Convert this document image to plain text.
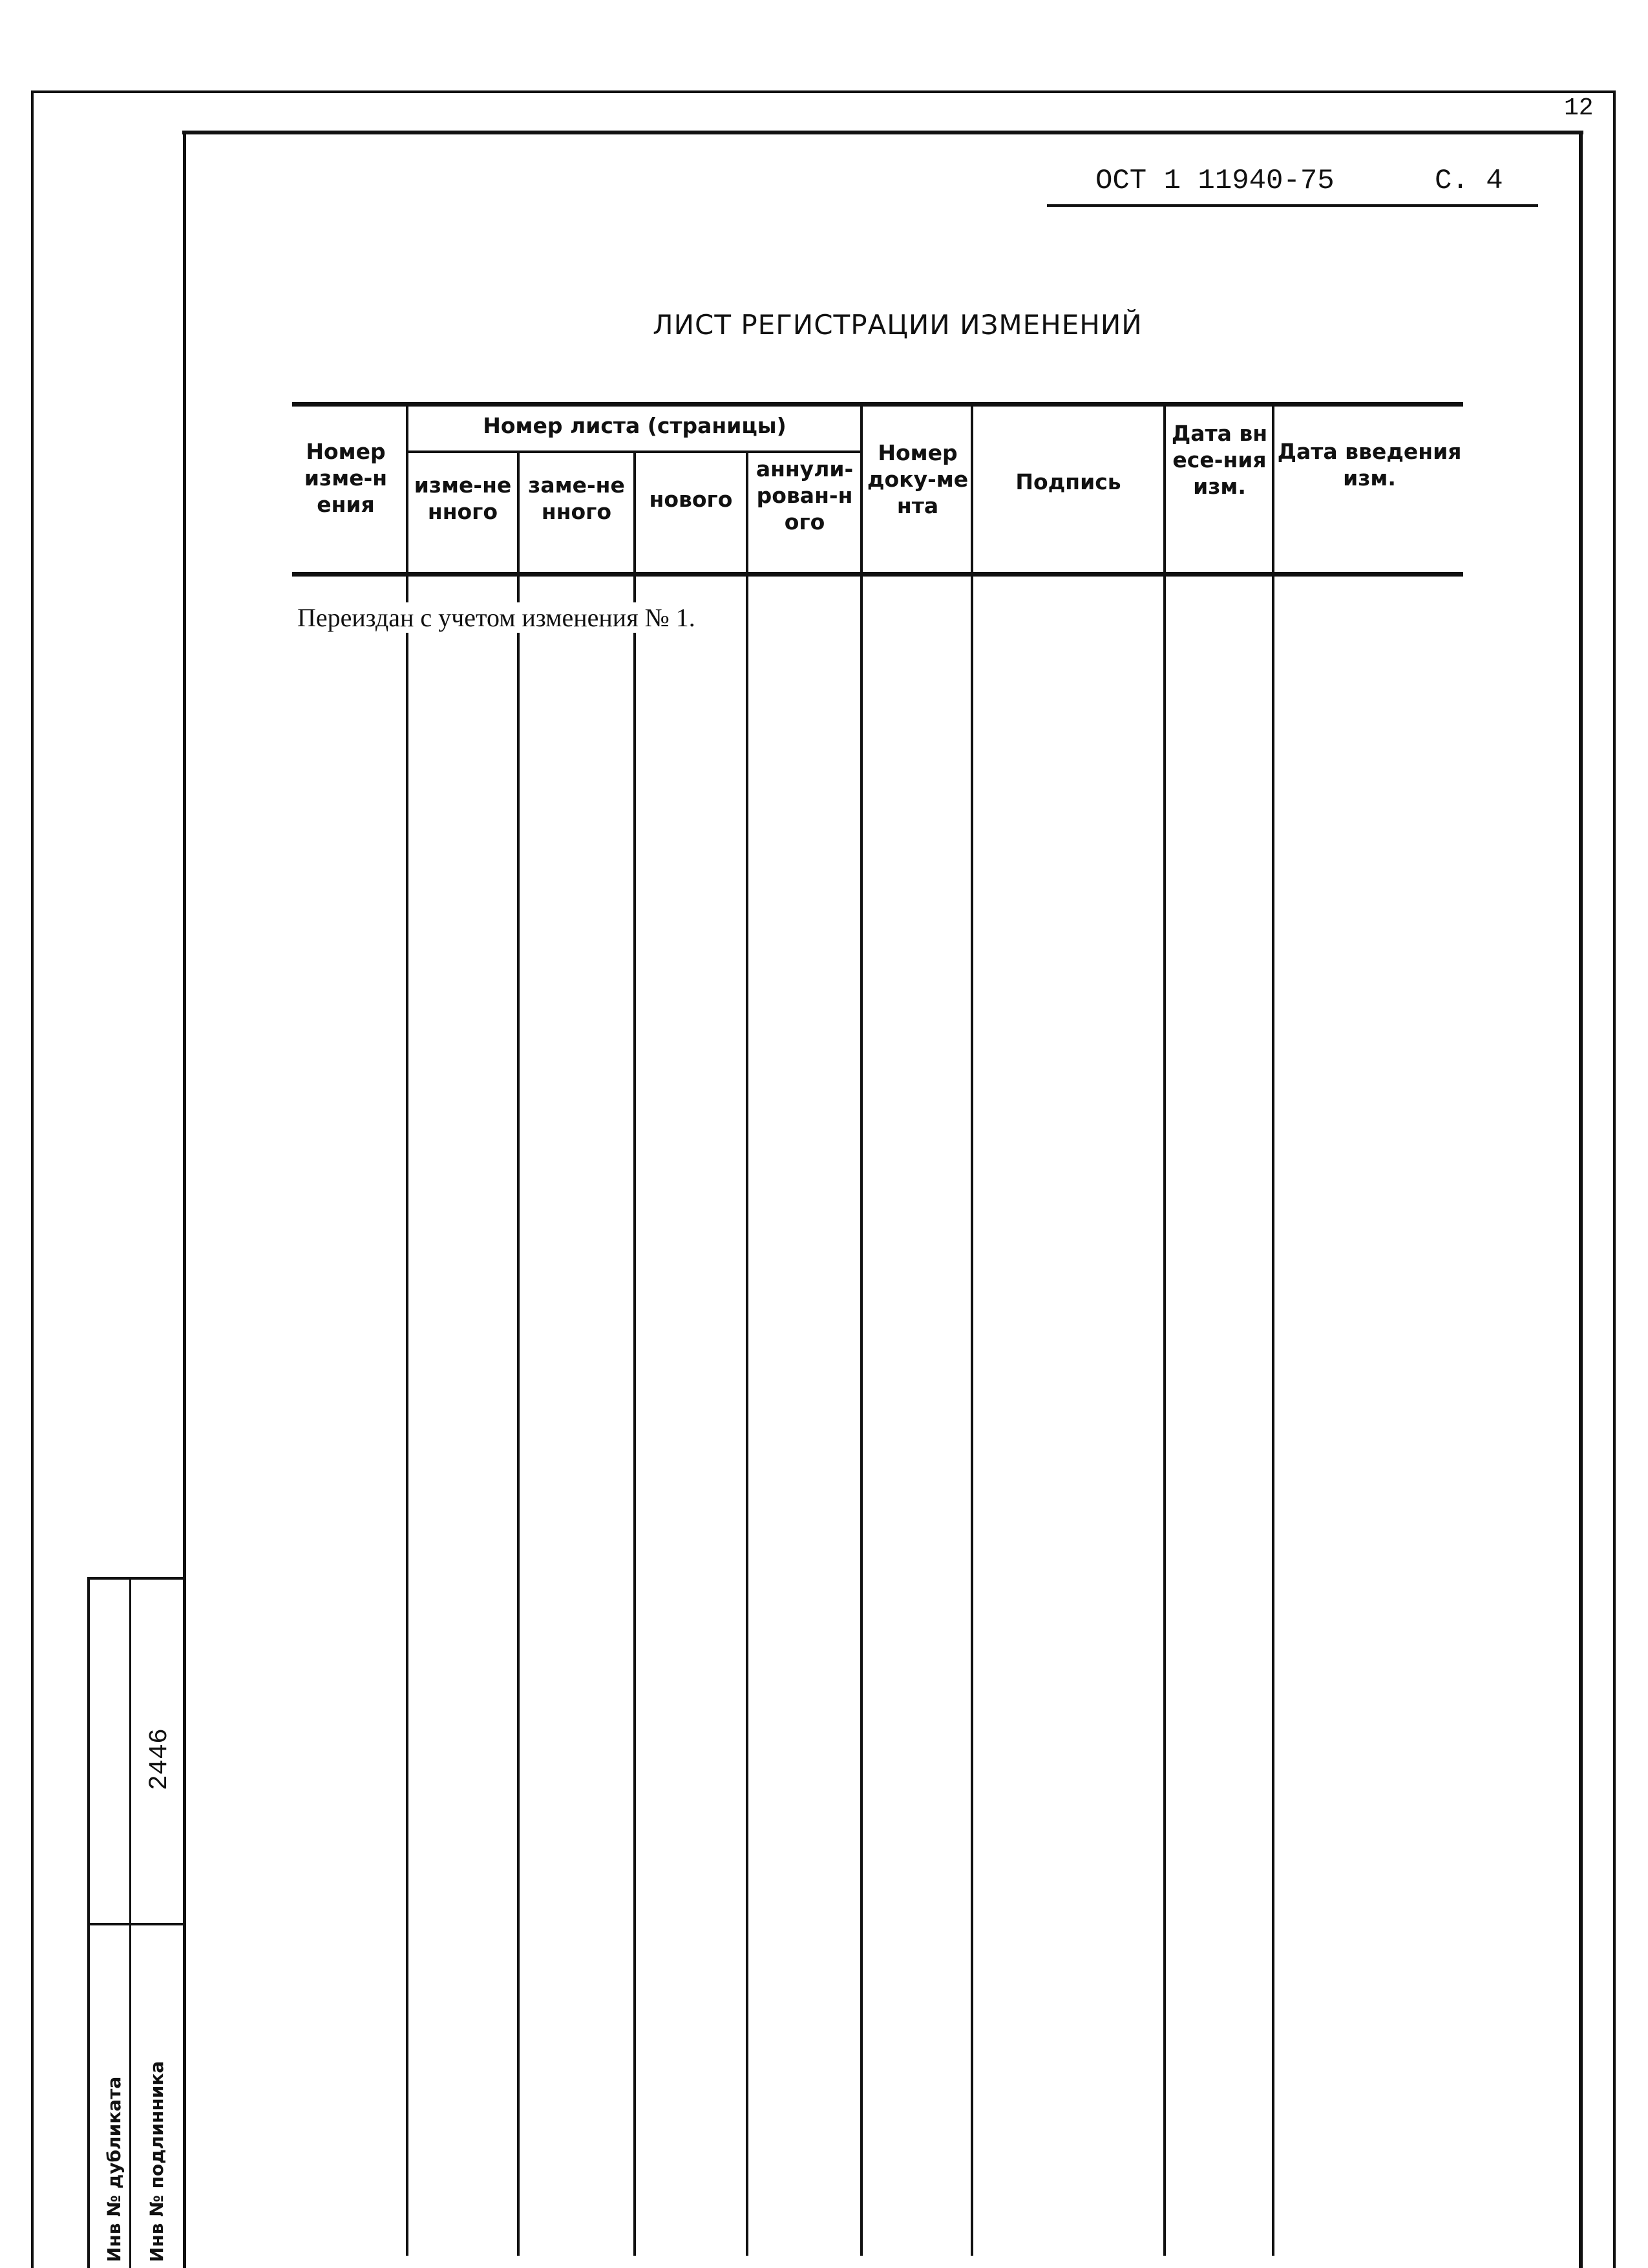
12
ОСТ 1 11940-75	С. 4
ЛИСТ РЕГИСТРАЦИИ ИЗМЕНЕНИЙ
Номер листа (страницы)
Номер изме-нения
изме-ненного
заме-ненного	нового
аннули-рован-ного
Номер доку-мента
Подпись
Дата внесе-ния изм.
Дата введения изм.
Переиздан с учетом изменения № 1.
2446
Инв № подлинника
Инв № дубликата
